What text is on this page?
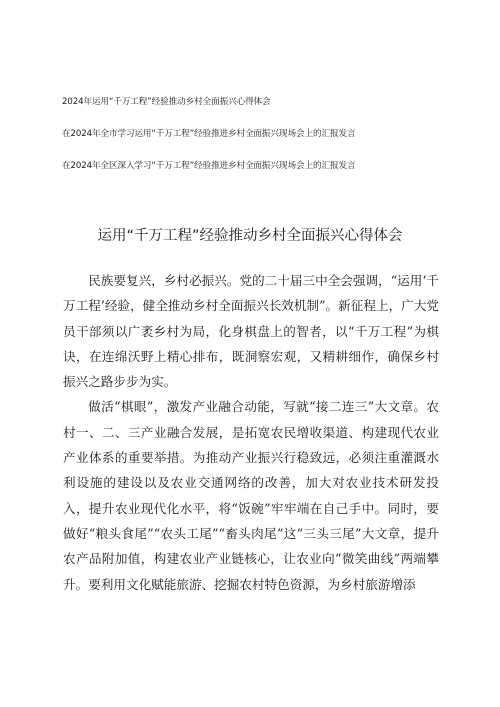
2024年运用“千万工程”经验推动乡村全面振兴心得体会
在2024年全市学习运用“千万工程”经验推进乡村全面振兴现场会上的汇报发言
在2024年全区深入学习“千万工程”经验推进乡村全面振兴现场会上的汇报发言
运用“千万工程”经验推动乡村全面振兴心得体会

民族要复兴，乡村必振兴。党的二十届三中全会强调，“运用‘千万工程’经验，健全推动乡村全面振兴长效机制”。新征程上，广大党员干部须以广袤乡村为局，化身棋盘上的智者，以“千万工程”为棋诀，在连绵沃野上精心排布，既洞察宏观，又精耕细作，确保乡村振兴之路步步为实。

做活“棋眼”，激发产业融合动能，写就“接二连三”大文章。农村一、二、三产业融合发展，是拓宽农民增收渠道、构建现代农业产业体系的重要举措。为推动产业振兴行稳致远，必须注重灌溉水利设施的建设以及农业交通网络的改善，加大对农业技术研发投入，提升农业现代化水平，将“饭碗”牢牢端在自己手中。同时，要做好“粮头食尾”“农头工尾”“畜头肉尾”这“三头三尾”大文章，提升农产品附加值，构建农业产业链核心，让农业向“微笑曲线”两端攀升。要利用文化赋能旅游、挖掘农村特色资源，为乡村旅游增添
